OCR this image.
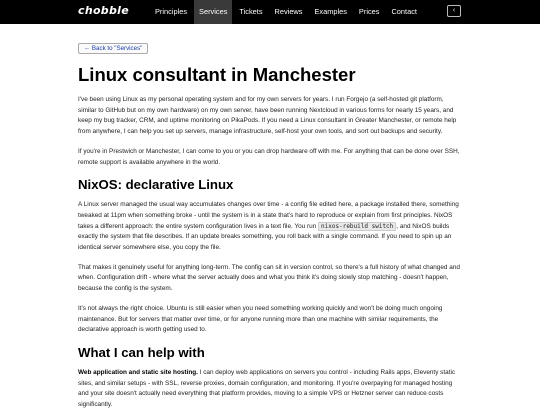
chobble	Principles	Services	Tickets	Reviews	Examples	Prices	Contact	‹
← Back to "Services"
Linux consultant in Manchester

I've been using Linux as my personal operating system and for my own servers for years. I run Forgejo (a self-hosted git platform, similar to GitHub but on my own hardware) on my own server, have been running Nextcloud in various forms for nearly 15 years, and keep my bug tracker, CRM, and uptime monitoring on PikaPods. If you need a Linux consultant in Greater Manchester, or remote help from anywhere, I can help you set up servers, manage infrastructure, self-host your own tools, and sort out backups and security.

If you're in Prestwich or Manchester, I can come to you or you can drop hardware off with me. For anything that can be done over SSH, remote support is available anywhere in the world.

NixOS: declarative Linux

A Linux server managed the usual way accumulates changes over time - a config file edited here, a package installed there, something tweaked at 11pm when something broke - until the system is in a state that's hard to reproduce or explain from first principles. NixOS takes a different approach: the entire system configuration lives in a text file. You run nixos-rebuild switch , and NixOS builds exactly the system that file describes. If an update breaks something, you roll back with a single command. If you need to spin up an identical server somewhere else, you copy the file.

That makes it genuinely useful for anything long-term. The config can sit in version control, so there's a full history of what changed and when. Configuration drift - where what the server actually does and what you think it's doing slowly stop matching - doesn't happen, because the config is the system.

It's not always the right choice. Ubuntu is still easier when you need something working quickly and won't be doing much ongoing maintenance. But for servers that matter over time, or for anyone running more than one machine with similar requirements, the declarative approach is worth getting used to.

What I can help with

Web application and static site hosting. I can deploy web applications on servers you control - including Rails apps, Eleventy static sites, and similar setups - with SSL, reverse proxies, domain configuration, and monitoring. If you're overpaying for managed hosting and your site doesn't actually need everything that platform provides, moving to a simple VPS or Hetzner server can reduce costs significantly.
